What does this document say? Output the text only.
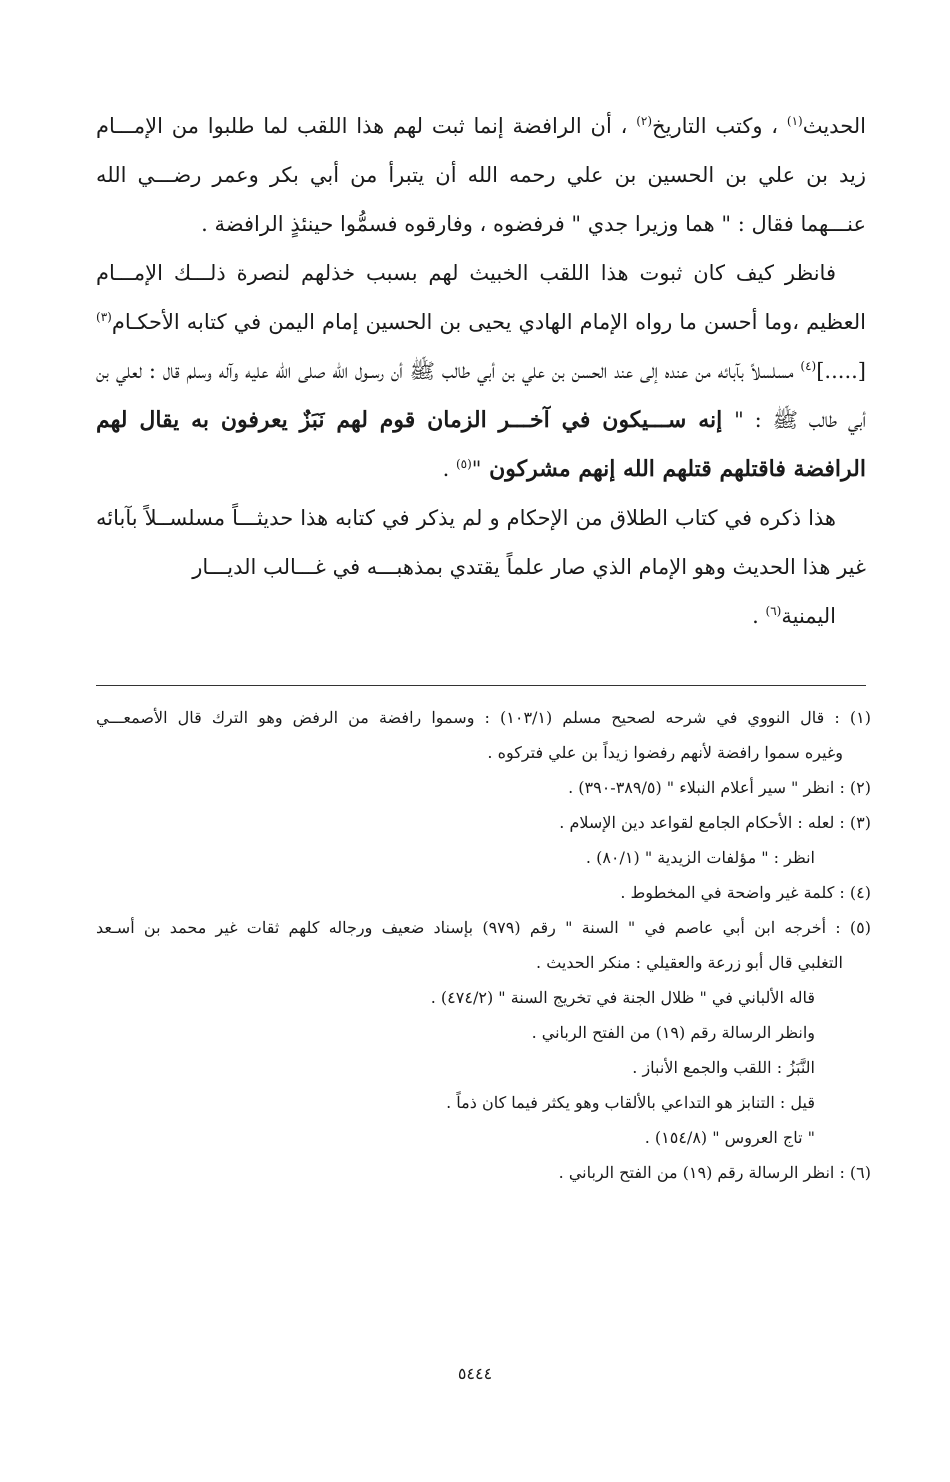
الحديث$^{(١)}$ ، وكتب التاريخ$^{(٢)}$ ، أن الرافضة إنما ثبت لهم هذا اللقب لما طلبوا من الإمـــام زيد بن علي بن الحسين بن علي رحمه الله أن يتبرأ من أبي بكر وعمر رضـــي الله عنـــهما فقال : " هما وزيرا جدي " فرفضوه ، وفارقوه فسمُّوا حينئذٍ الرافضة .

فانظر كيف كان ثبوت هذا اللقب الخبيث لهم بسبب خذلهم لنصرة ذلـــك الإمـــام العظيم ،وما أحسن ما رواه الإمام الهادي يحيى بن الحسين إمام اليمن في كتابه الأحكـام$^{(٣)}$ [.....]$^{(٤)}$ مسلسلاً بآبائه من عنده إلى عند الحسن بن علي بن أبي طالب ﷺ أن رسـول الله صلى الله عليه وآله وسلم قال : لعلي بن أبي طالب ﷺ : " إنه ســـيكون في آخـــر الزمان قوم لهم نَبَزٌ يعرفون به يقال لهم الرافضة فاقتلهم قتلهم الله إنهم مشركون "$^{(٥)}$ .

هذا ذكره في كتاب الطلاق من الإحكام و لم يذكر في كتابه هذا حديثـــاً مسلســلاً بآبائه غير هذا الحديث وهو الإمام الذي صار علماً يقتدي بمذهبـــه في غـــالب الديـــار
اليمنية$^{(٦)}$ .

(١) : قال النووي في شرحه لصحيح مسلم (١٠٣/١) : وسموا رافضة من الرفض وهو الترك قال الأصمعـــي
وغيره سموا رافضة لأنهم رفضوا زيداً بن علي فتركوه .
(٢) : انظر " سير أعلام النبلاء " (٣٨٩/٥-٣٩٠) .
(٣) : لعله : الأحكام الجامع لقواعد دين الإسلام .
انظر : " مؤلفات الزيدية " (٨٠/١) .
(٤) : كلمة غير واضحة في المخطوط .
(٥) : أخرجه ابن أبي عاصم في " السنة " رقم (٩٧٩) بإسناد ضعيف ورجاله كلهم ثقات غير محمد بن أسـعد
التغلبي قال أبو زرعة والعقيلي : منكر الحديث .
قاله الألباني في " ظلال الجنة في تخريج السنة " (٤٧٤/٢) .
وانظر الرسالة رقم (١٩) من الفتح الرباني .
النَّبَزُ : اللقب والجمع الأنباز .
قيل : التنابز هو التداعي بالألقاب وهو يكثر فيما كان ذماً .
" تاج العروس " (١٥٤/٨) .
(٦) : انظر الرسالة رقم (١٩) من الفتح الرباني .
٥٤٤٤
